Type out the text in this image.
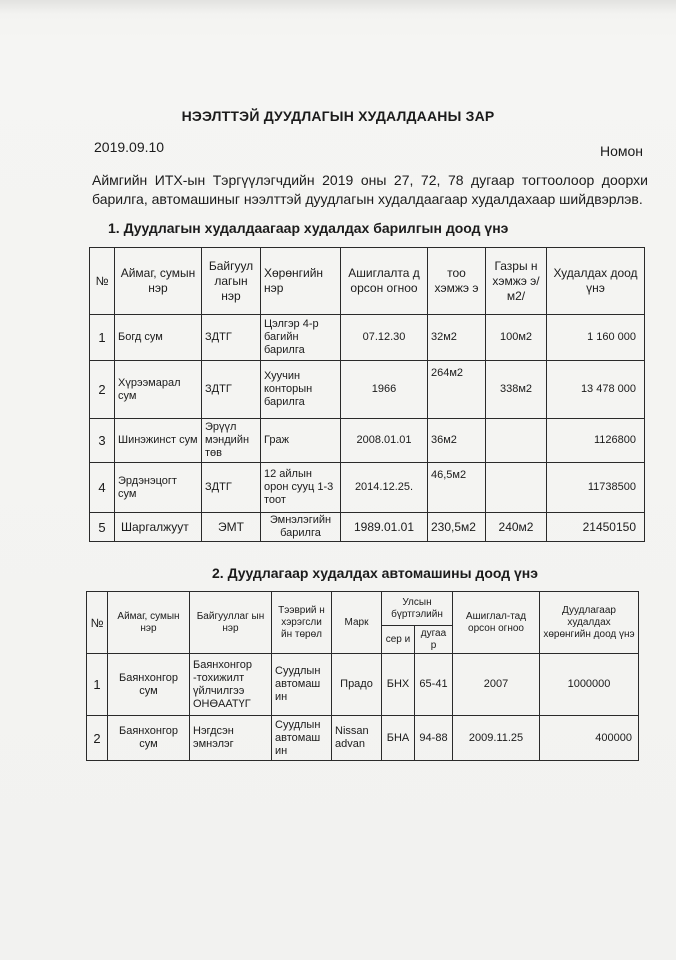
НЭЭЛТТЭЙ ДУУДЛАГЫН ХУДАЛДААНЫ ЗАР
2019.09.10	Номон
Аймгийн ИТХ-ын Тэргүүлэгчдийн 2019 оны 27, 72, 78 дугаар тогтоолоор доорхи барилга, автомашиныг нээлттэй дуудлагын худалдаагаар худалдахаар шийдвэрлэв.
1. Дуудлагын худалдаагаар худалдах барилгын доод үнэ
№	Аймаг, сумын нэр	Байгуул лагын нэр	Хөрөнгийн нэр	Ашиглалта д орсон огноо	тоо хэмжэ э	Газры н хэмжэ э/м2/	Худалдах доод үнэ
1	Богд сум	ЗДТГ	Цэлгэр 4-р багийн барилга	07.12.30	32м2	100м2	1 160 000
2	Хүрээмарал сум	ЗДТГ	Хуучин конторын барилга	1966	264м2	338м2	13 478 000
3	Шинэжинст сум	Эрүүл мэндийн төв	Граж	2008.01.01	36м2		1126800
4	Эрдэнэцогт сум	ЗДТГ	12 айлын орон сууц 1-3 тоот	2014.12.25.	46,5м2		11738500
5	Шаргалжуут	ЭМТ	Эмнэлэгийн барилга	1989.01.01	230,5м2	240м2	21450150
2. Дуудлагаар худалдах автомашины доод үнэ
№	Аймаг, сумын нэр	Байгууллаг ын нэр	Тээврий н хэрэгсли йн төрөл	Марк	Улсын бүртгэлийн		Ашиглал-тад орсон огноо	Дуудлагаар худалдах хөрөнгийн доод үнэ
					сер и	дугаа р		
1	Баянхонгор сум	Баянхонгор -тохижилт үйлчилгээ ОНӨААТҮГ	Суудлын автомаш ин	Прадо	БНХ	65-41	2007	1000000
2	Баянхонгор сум	Нэгдсэн эмнэлэг	Суудлын автомаш ин	Nissan advan	БНА	94-88	2009.11.25	400000
